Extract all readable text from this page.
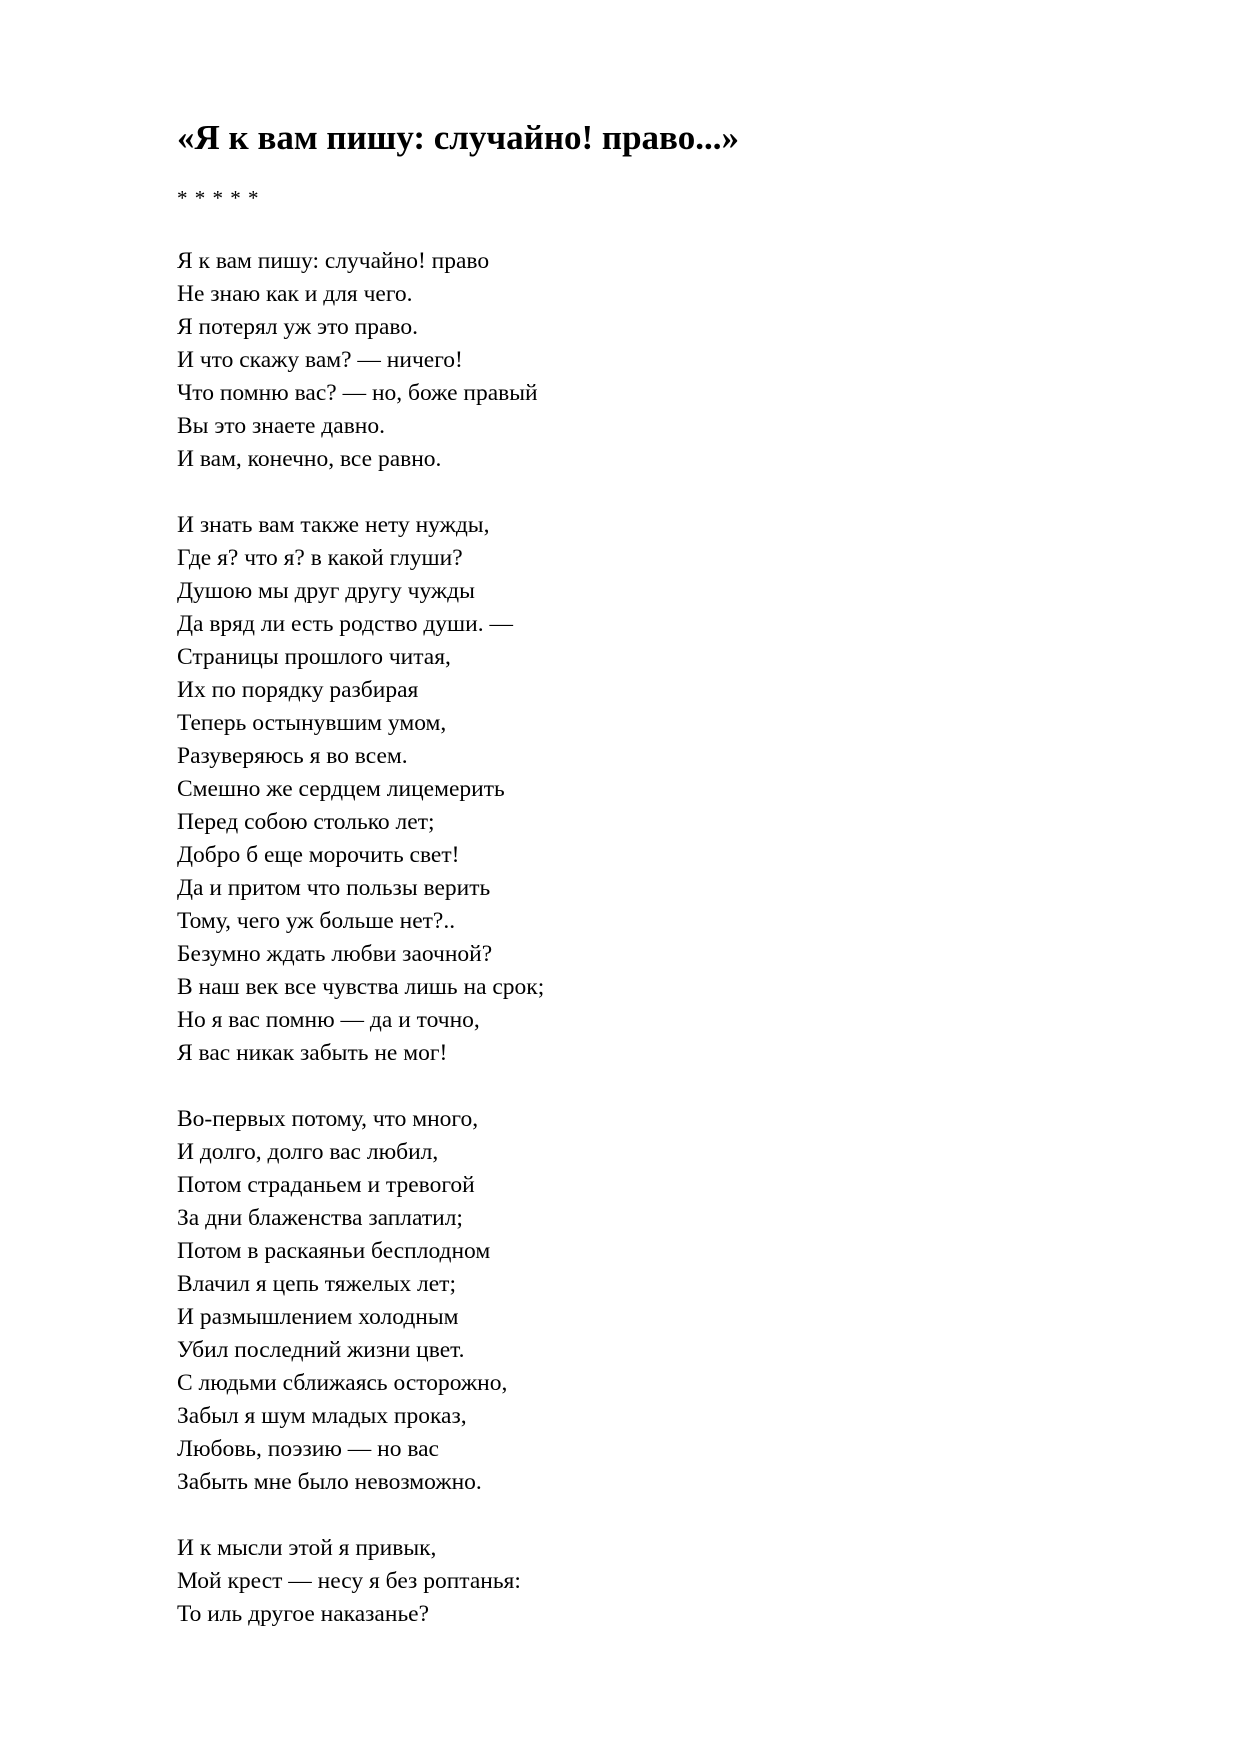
«Я к вам пишу: случайно! право...»
* * * * *
Я к вам пишу: случайно! право
Не знаю как и для чего.
Я потерял уж это право.
И что скажу вам? — ничего!
Что помню вас? — но, боже правый
Вы это знаете давно.
И вам, конечно, все равно.
И знать вам также нету нужды,
Где я? что я? в какой глуши?
Душою мы друг другу чужды
Да вряд ли есть родство души. —
Страницы прошлого читая,
Их по порядку разбирая
Теперь остынувшим умом,
Разуверяюсь я во всем.
Смешно же сердцем лицемерить
Перед собою столько лет;
Добро б еще морочить свет!
Да и притом что пользы верить
Тому, чего уж больше нет?..
Безумно ждать любви заочной?
В наш век все чувства лишь на срок;
Но я вас помню — да и точно,
Я вас никак забыть не мог!
Во-первых потому, что много,
И долго, долго вас любил,
Потом страданьем и тревогой
За дни блаженства заплатил;
Потом в раскаяньи бесплодном
Влачил я цепь тяжелых лет;
И размышлением холодным
Убил последний жизни цвет.
С людьми сближаясь осторожно,
Забыл я шум младых проказ,
Любовь, поэзию — но вас
Забыть мне было невозможно.
И к мысли этой я привык,
Мой крест — несу я без роптанья:
То иль другое наказанье?
